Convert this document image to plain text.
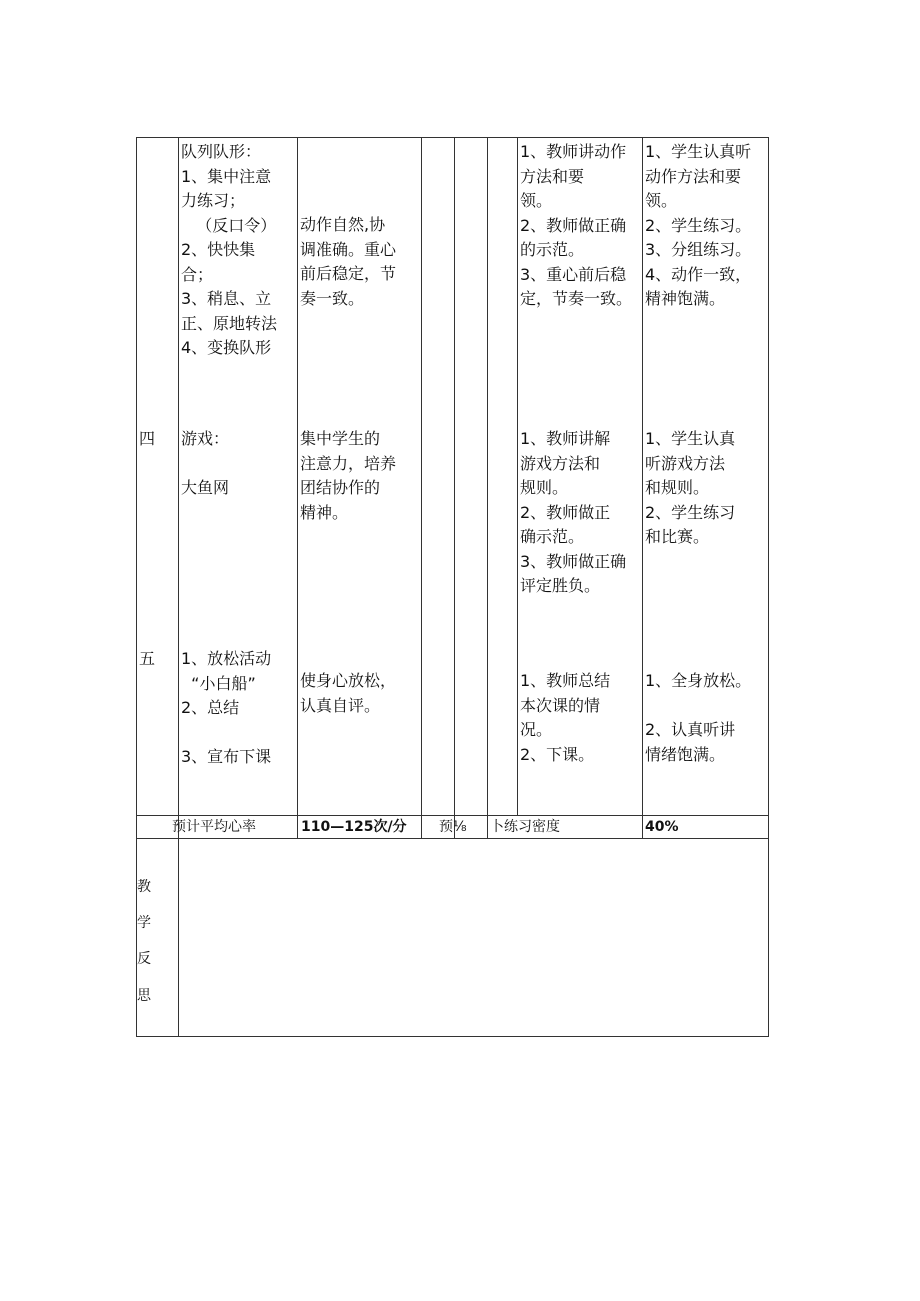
队列队形：
1、集中注意
力练习；
（反口令）
2、快快集
合；
3、稍息、立
正、原地转法
4、变换队形
动作自然,协
调准确。重心
前后稳定，节
奏一致。
1、教师讲动作
方法和要
领。
2、教师做正确
的示范。
3、重心前后稳
定，节奏一致。
1、学生认真听
动作方法和要
领。
2、学生练习。
3、分组练习。
4、动作一致，
精神饱满。
四 游戏：

大鱼网
集中学生的
注意力，培养
团结协作的
精神。
1、教师讲解
游戏方法和
规则。
2、教师做正
确示范。
3、教师做正确
评定胜负。
1、学生认真
听游戏方法
和规则。
2、学生练习
和比赛。
五 1、放松活动
“小白船”
2、总结

3、宣布下课
使身心放松，
认真自评。
1、教师总结
本次课的情
况。
2、下课。
1、全身放松。

2、认真听讲
情绪饱满。
预计平均心率	110—125次/分 预⅛ 卜练习密度	40%
教
学
反
思
